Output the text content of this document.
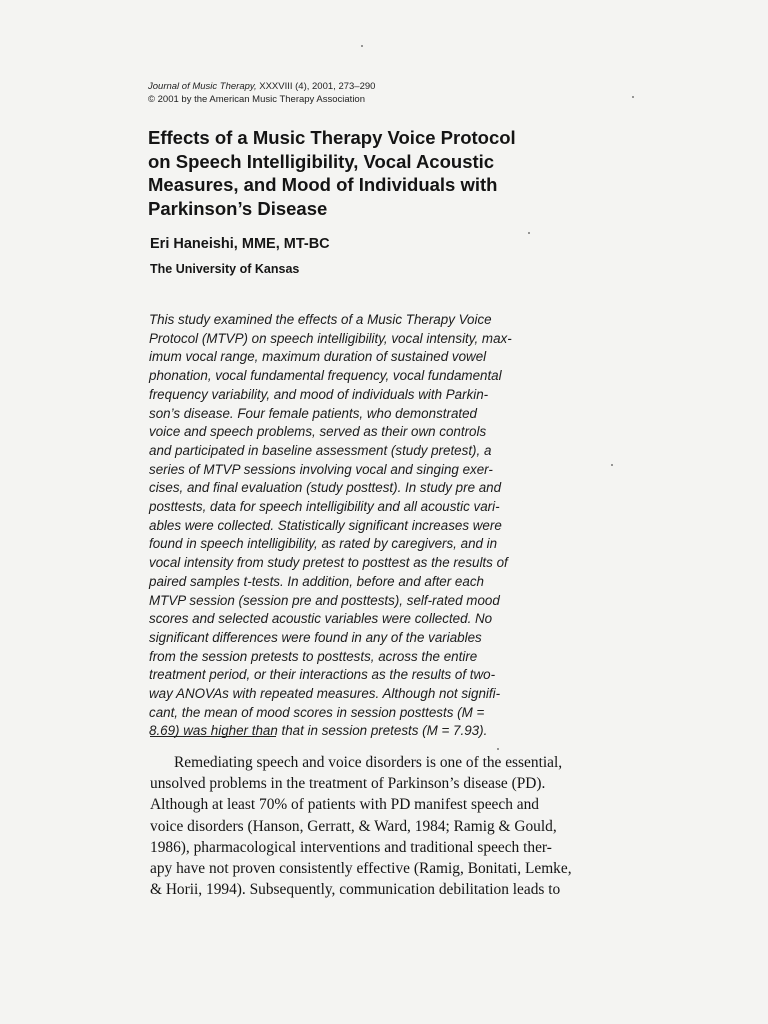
Journal of Music Therapy, XXXVIII (4), 2001, 273–290
© 2001 by the American Music Therapy Association
Effects of a Music Therapy Voice Protocol
on Speech Intelligibility, Vocal Acoustic
Measures, and Mood of Individuals with
Parkinson’s Disease
Eri Haneishi, MME, MT-BC
The University of Kansas
This study examined the effects of a Music Therapy Voice
Protocol (MTVP) on speech intelligibility, vocal intensity, max-
imum vocal range, maximum duration of sustained vowel
phonation, vocal fundamental frequency, vocal fundamental
frequency variability, and mood of individuals with Parkin-
son’s disease. Four female patients, who demonstrated
voice and speech problems, served as their own controls
and participated in baseline assessment (study pretest), a
series of MTVP sessions involving vocal and singing exer-
cises, and final evaluation (study posttest). In study pre and
posttests, data for speech intelligibility and all acoustic vari-
ables were collected. Statistically significant increases were
found in speech intelligibility, as rated by caregivers, and in
vocal intensity from study pretest to posttest as the results of
paired samples t-tests. In addition, before and after each
MTVP session (session pre and posttests), self-rated mood
scores and selected acoustic variables were collected. No
significant differences were found in any of the variables
from the session pretests to posttests, across the entire
treatment period, or their interactions as the results of two-
way ANOVAs with repeated measures. Although not signifi-
cant, the mean of mood scores in session posttests (M =
8.69) was higher than that in session pretests (M = 7.93).
Remediating speech and voice disorders is one of the essential,
unsolved problems in the treatment of Parkinson’s disease (PD).
Although at least 70% of patients with PD manifest speech and
voice disorders (Hanson, Gerratt, & Ward, 1984; Ramig & Gould,
1986), pharmacological interventions and traditional speech ther-
apy have not proven consistently effective (Ramig, Bonitati, Lemke,
& Horii, 1994). Subsequently, communication debilitation leads to
